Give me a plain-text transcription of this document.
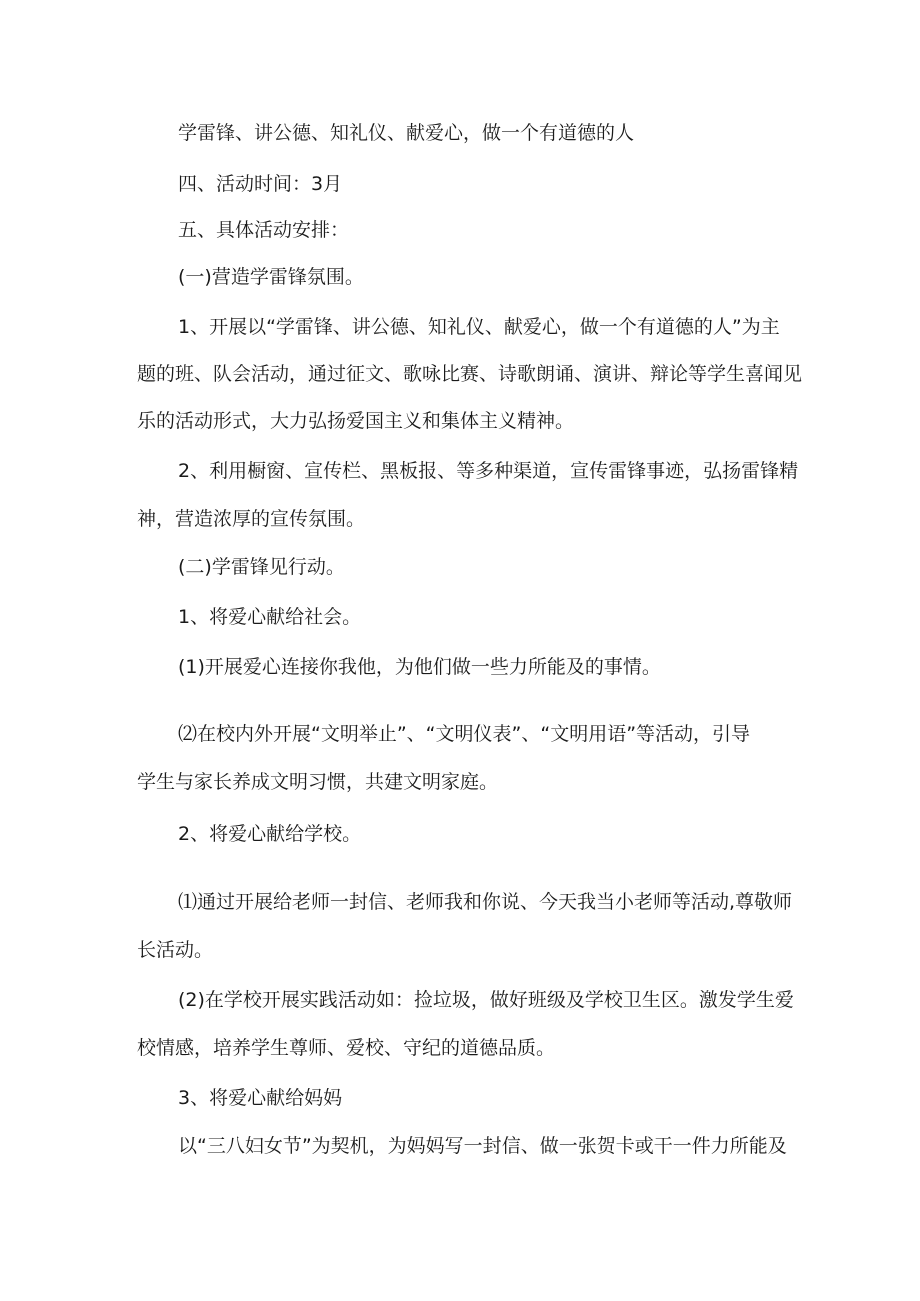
学雷锋、讲公德、知礼仪、献爱心，做一个有道德的人

四、活动时间：3月

五、具体活动安排：

(一)营造学雷锋氛围。

1、开展以“学雷锋、讲公德、知礼仪、献爱心，做一个有道德的人”为主

题的班、队会活动，通过征文、歌咏比赛、诗歌朗诵、演讲、辩论等学生喜闻见

乐的活动形式，大力弘扬爱国主义和集体主义精神。

2、利用橱窗、宣传栏、黑板报、等多种渠道，宣传雷锋事迹，弘扬雷锋精

神，营造浓厚的宣传氛围。

(二)学雷锋见行动。

1、将爱心献给社会。

(1)开展爱心连接你我他，为他们做一些力所能及的事情。

⑵在校内外开展“文明举止”、“文明仪表”、“文明用语”等活动，引导

学生与家长养成文明习惯，共建文明家庭。

2、将爱心献给学校。

⑴通过开展给老师一封信、老师我和你说、今天我当小老师等活动,尊敬师

长活动。

(2)在学校开展实践活动如：捡垃圾，做好班级及学校卫生区。激发学生爱

校情感，培养学生尊师、爱校、守纪的道德品质。

3、将爱心献给妈妈

以“三八妇女节”为契机，为妈妈写一封信、做一张贺卡或干一件力所能及
